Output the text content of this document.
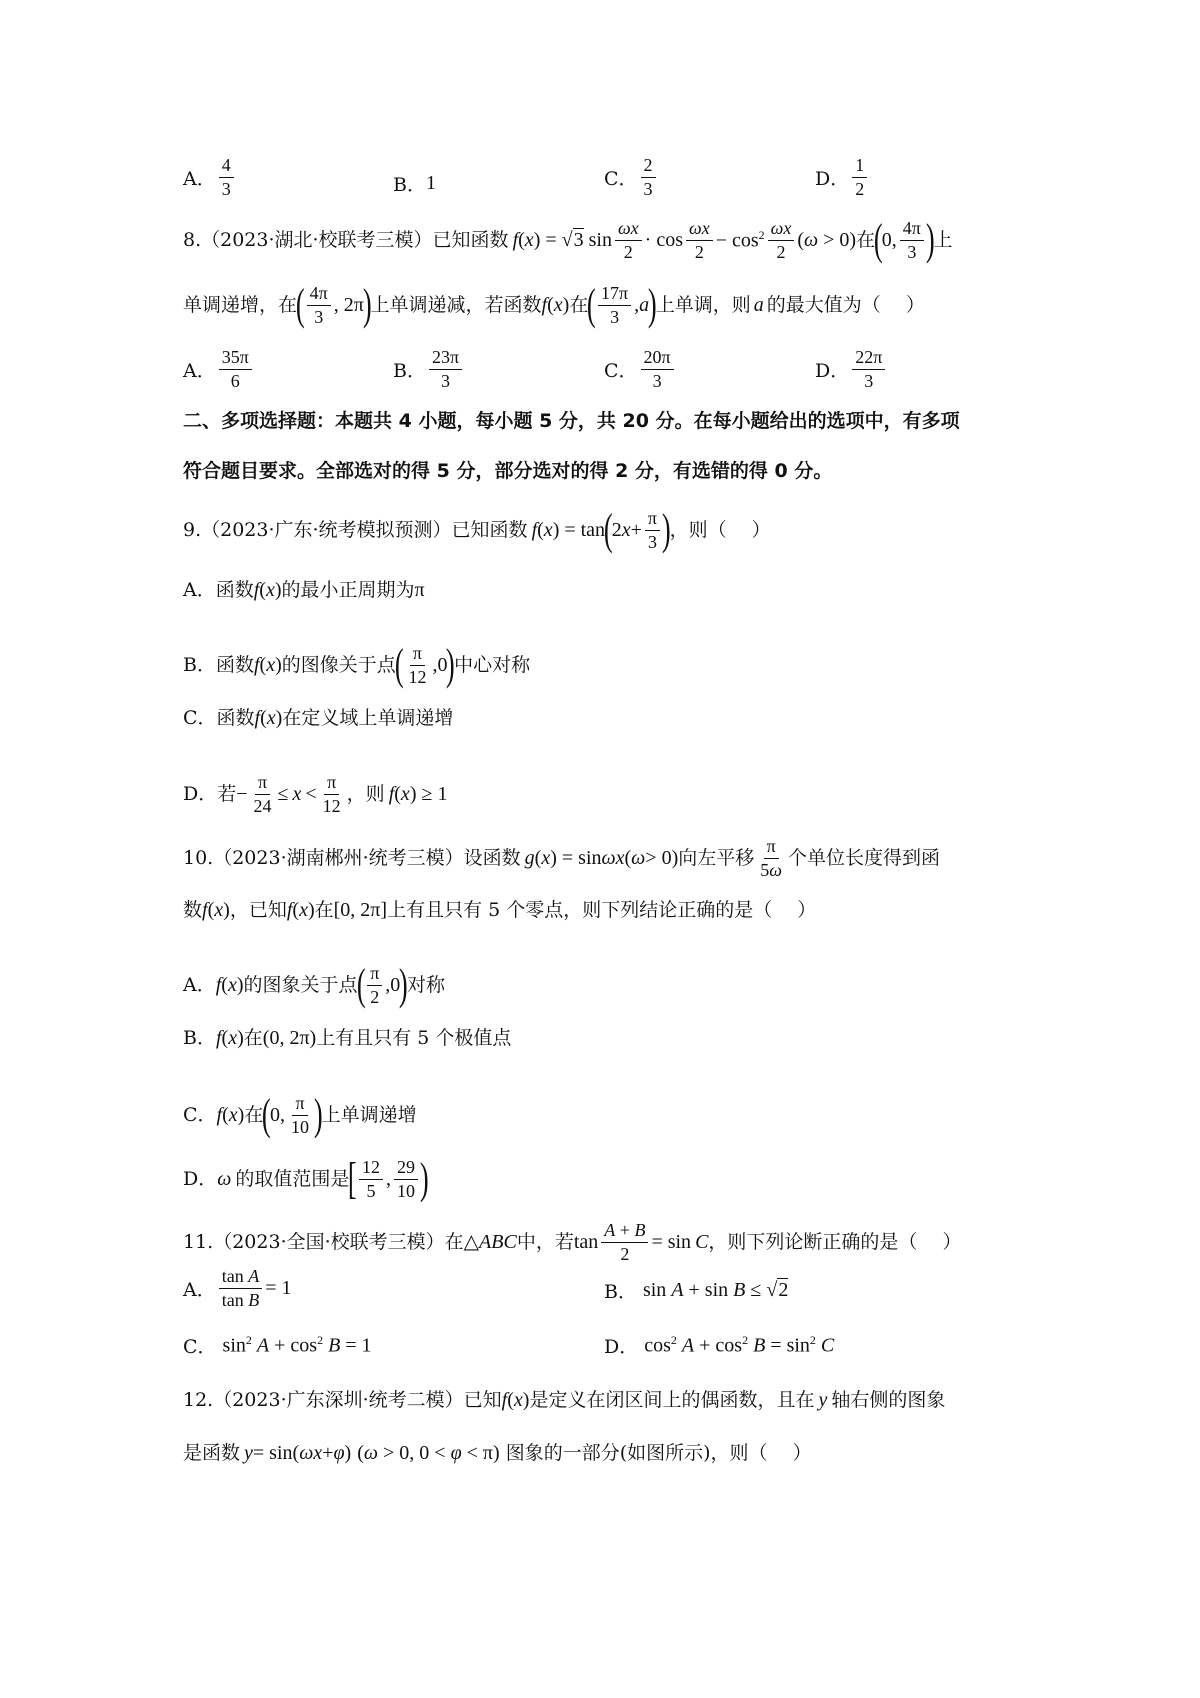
A． $\frac{4}{3}$	B． 1	C． $\frac{2}{3}$	D． $\frac{1}{2}$
8.（2023·湖北·校联考三模）已知函数 f ( x ) = √3 $\sin \frac{\omega x}{2} \cdot \cos \frac{\omega x}{2} - \cos^2 \frac{\omega x}{2} (\omega > 0)$ 在
(
0, $\frac{4\pi}{3}$ )
上
单调递增，在
( $\frac{4\pi}{3}$ , 2π
)
上单调递减，若函数 f ( x ) 在
( $\frac{17\pi}{3}$ , a
)
上单调，则 a 的最大值为（　 ）
A． $\frac{35\pi}{6}$	B． $\frac{23\pi}{3}$	C． $\frac{20\pi}{3}$	D． $\frac{22\pi}{3}$
二、多项选择题：本题共 4 小题，每小题 5 分，共 20 分。在每小题给出的选项中，有多项
符合题目要求。全部选对的得 5 分，部分选对的得 2 分，有选错的得 0 分。
9.（2023·广东·统考模拟预测）已知函数 f ( x ) = tan
(
2 $x + \frac{\pi}{3}$ )
，则（　 ）
A．函数 f ( x ) 的最小正周期为 π
B．函数 f ( x ) 的图像关于点
( $\frac{\pi}{12} ,0$
)
中心对称
C．函数 f ( x ) 在定义域上单调递增
D．若 − $\frac{\pi}{24} \le x < \frac{\pi}{12}$ ，则 f ( x ) ≥ 1
10.（2023·湖南郴州·统考三模）设函数 g ( x ) = sin ωx ( ω > 0) 向左平移 $\frac{\pi}{5\omega}$ 个单位长度得到函
数 f ( x ) ，已知 f ( x ) 在 [0, 2π] 上有且只有 5 个零点，则下列结论正确的是（　 ）
A． f ( x ) 的图象关于点
( $\frac{\pi}{2} ,0$
)
对称
B． f ( x ) 在 (0, 2π) 上有且只有 5 个极值点
C． f ( x ) 在
(
0, $\frac{\pi}{10}$ )
上单调递增
D． ω 的取值范围是
[ $\frac{12}{5}$ , $\frac{29}{10}$ )
11.（2023·全国·校联考三模）在 △ ABC 中，若 $\tan \frac{A + B}{2} = \sin C$ ，则下列论断正确的是（　 ）
A． $\frac{\text{tan A}}{\text{tan B}} = 1$	B． sin A + sin B ≤ √2
C． $\sin^2 A + \cos^2 B = 1$	D． $\cos^2 A + \cos^2 B = \sin^2 C$
12.（2023·广东深圳·统考二模）已知 f ( x ) 是定义在闭区间上的偶函数，且在 y 轴右侧的图象
是函数 y = sin( ωx + φ ) (ω > 0, 0 < φ < π) 图象的一部分(如图所示)，则（　 ）
